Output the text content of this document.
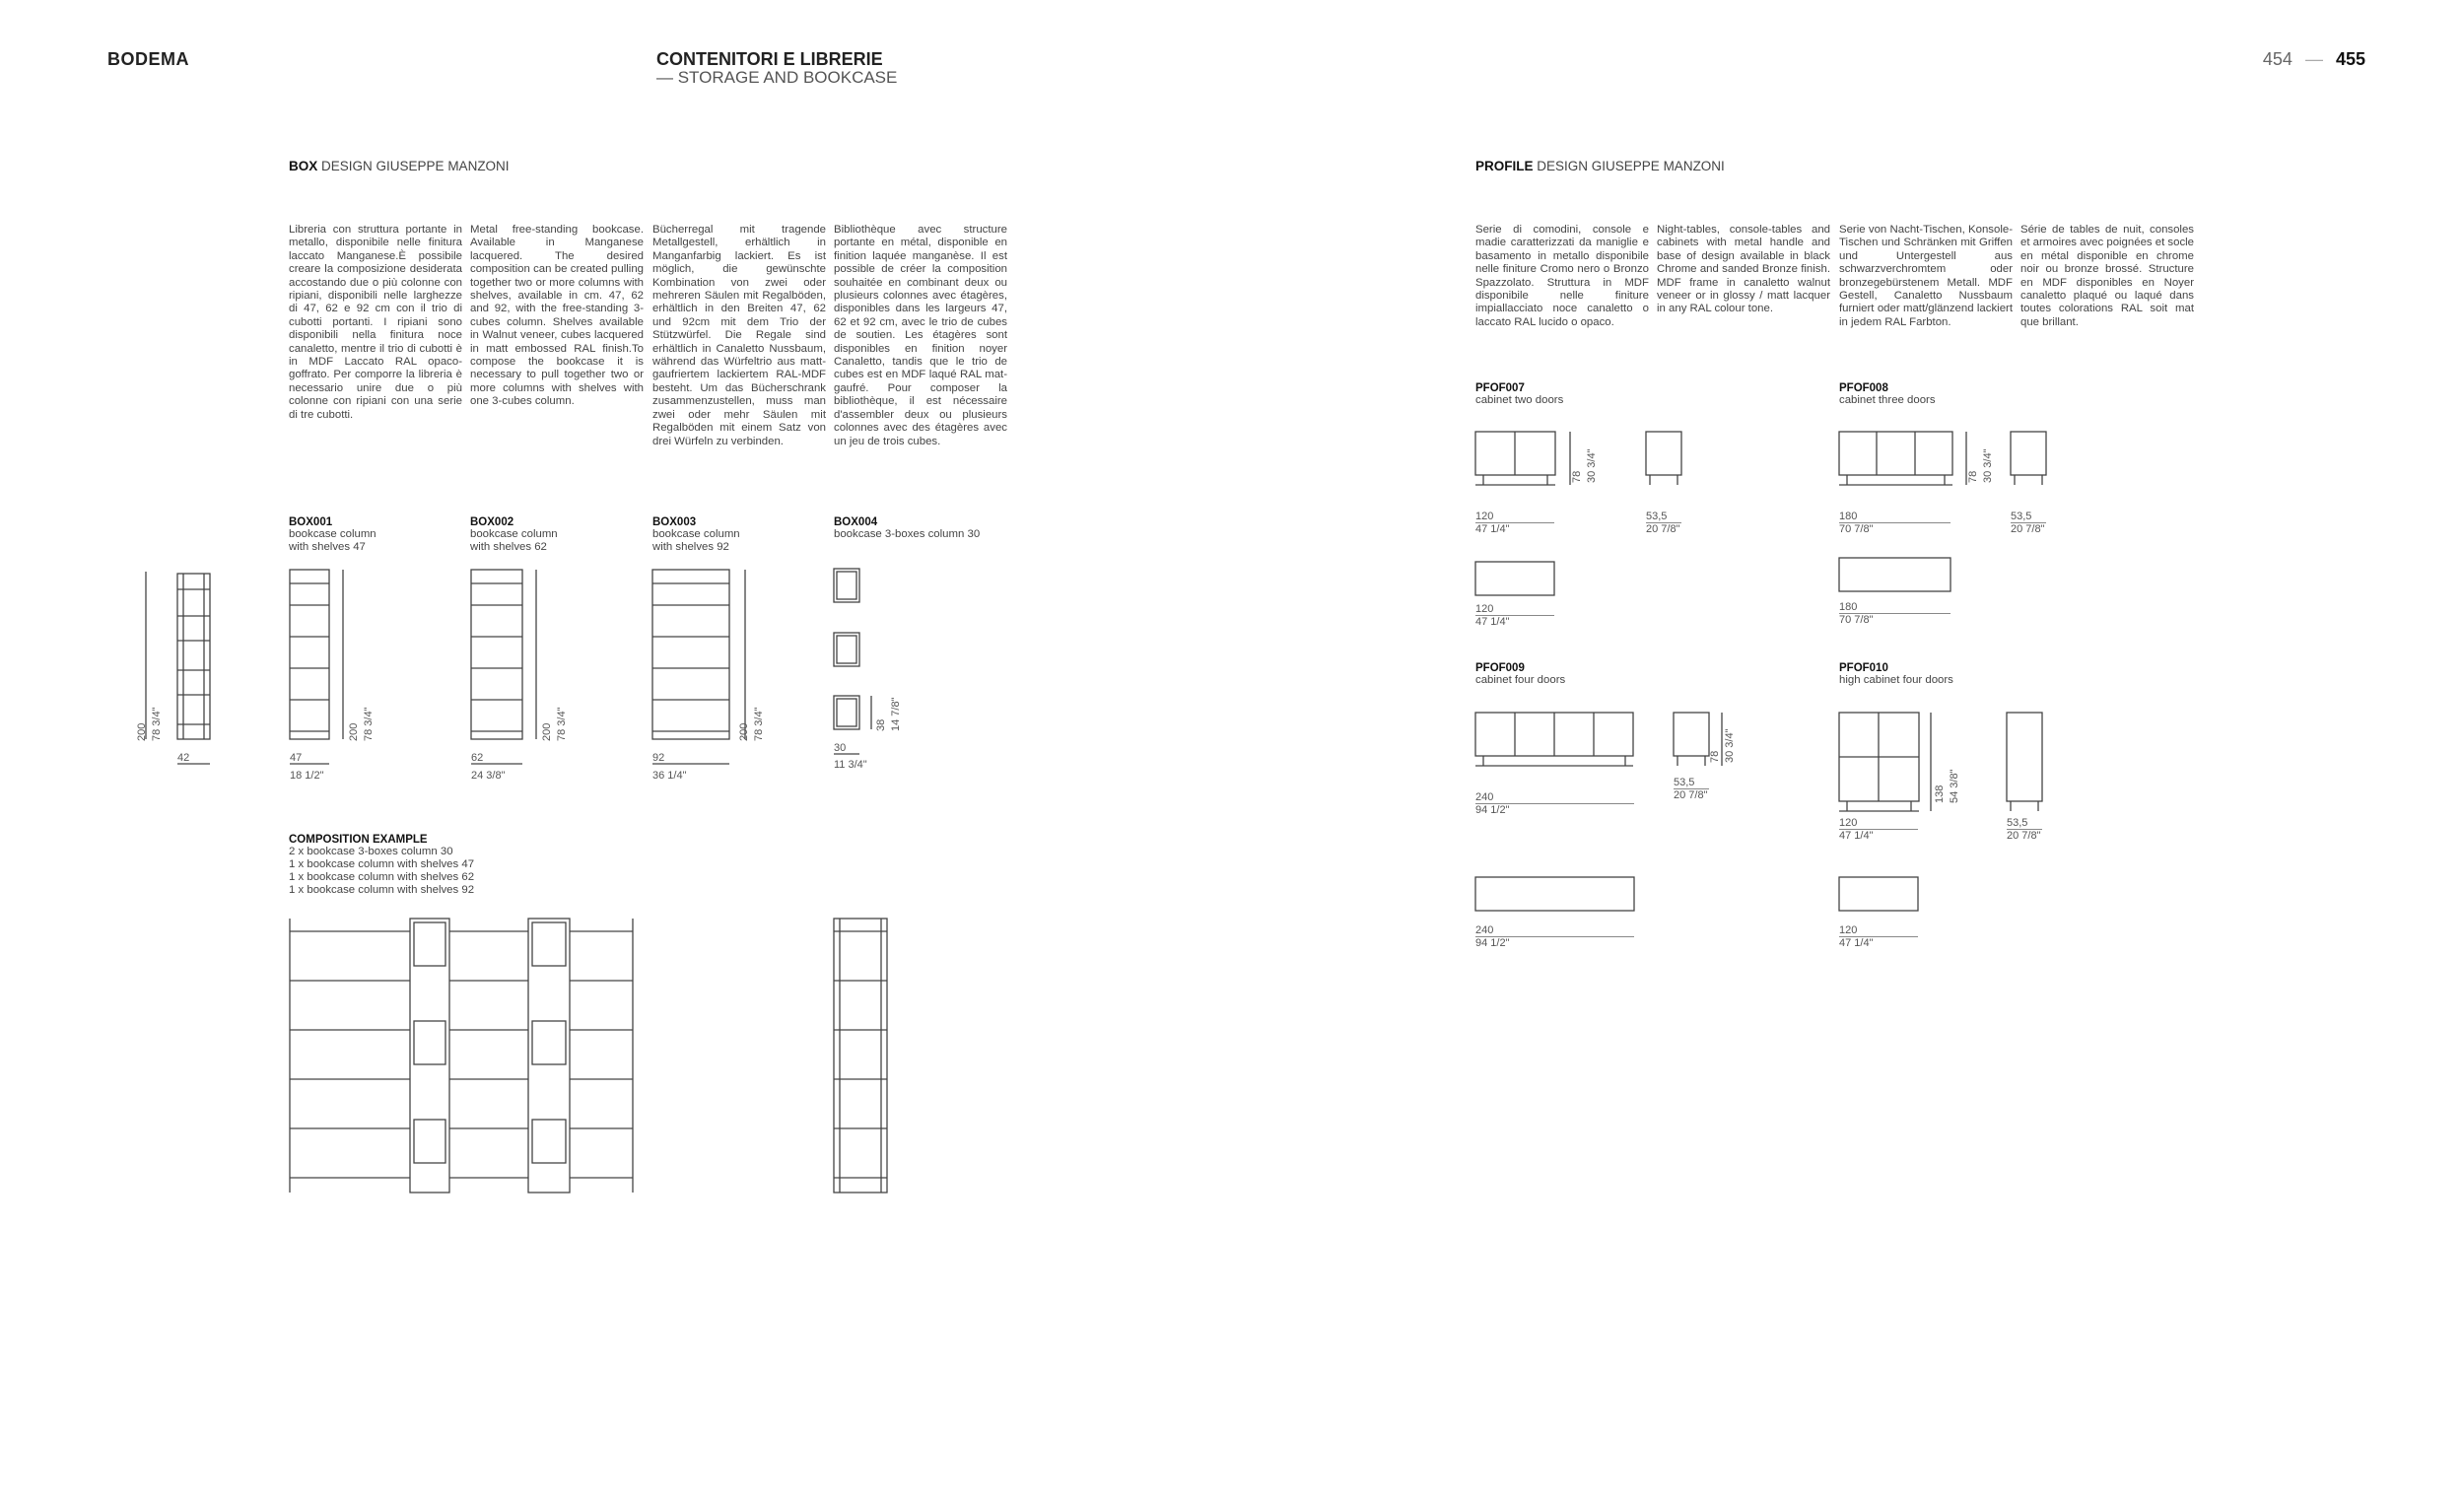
BODEMA	CONTENITORI E LIBRERIE
— STORAGE AND BOOKCASE
454 — 455
BOX DESIGN GIUSEPPE MANZONI
Libreria con struttura portante in metallo, disponibile nelle finitura laccato Manganese.È possibile creare la composizione desiderata accostando due o più colonne con ripiani, disponibili nelle larghezze di 47, 62 e 92 cm con il trio di cubotti portanti. I ripiani sono disponibili nella finitura noce canaletto, mentre il trio di cubotti è in MDF Laccato RAL opaco-goffrato. Per comporre la libreria è necessario unire due o più colonne con ripiani con una serie di tre cubotti.
Metal free-standing bookcase. Available in Manganese lacquered. The desired composition can be created pulling together two or more columns with shelves, available in cm. 47, 62 and 92, with the free-standing 3-cubes column. Shelves available in Walnut veneer, cubes lacquered in matt embossed RAL finish.To compose the bookcase it is necessary to pull together two or more columns with shelves with one 3-cubes column.
Bücherregal mit tragende Metallgestell, erhältlich in Manganfarbig lackiert. Es ist möglich, die gewünschte Kombination von zwei oder mehreren Säulen mit Regalböden, erhältlich in den Breiten 47, 62 und 92cm mit dem Trio der Stützwürfel. Die Regale sind erhältlich in Canaletto Nussbaum, während das Würfeltrio aus matt-gaufriertem lackiertem RAL-MDF besteht. Um das Bücherschrank zusammenzustellen, muss man zwei oder mehr Säulen mit Regalböden mit einem Satz von drei Würfeln zu verbinden.
Bibliothèque avec structure portante en métal, disponible en finition laquée manganèse. Il est possible de créer la composition souhaitée en combinant deux ou plusieurs colonnes avec étagères, disponibles dans les largeurs 47, 62 et 92 cm, avec le trio de cubes de soutien. Les étagères sont disponibles en finition noyer Canaletto, tandis que le trio de cubes est en MDF laqué RAL mat-gaufré. Pour composer la bibliothèque, il est nécessaire d'assembler deux ou plusieurs colonnes avec des étagères avec un jeu de trois cubes.
BOX001
bookcase column
with shelves 47
BOX002
bookcase column
with shelves 62
BOX003
bookcase column
with shelves 92
BOX004
bookcase 3-boxes column 30
200 78 3/4"
42	47
18 1/2"
200 78 3/4"
62
24 3/8"
200 78 3/4"
92
36 1/4"
200 78 3/4"
30
11 3/4"
38 14 7/8"
COMPOSITION EXAMPLE
2 x bookcase 3-boxes column 30
1 x bookcase column with shelves 47
1 x bookcase column with shelves 62
1 x bookcase column with shelves 92
PROFILE DESIGN GIUSEPPE MANZONI
Serie di comodini, console e madie caratterizzati da maniglie e basamento in metallo disponibile nelle finiture Cromo nero o Bronzo Spazzolato. Struttura in MDF disponibile nelle finiture impiallacciato noce canaletto o laccato RAL lucido o opaco.
Night-tables, console-tables and cabinets with metal handle and base of design available in black Chrome and sanded Bronze finish. MDF frame in canaletto walnut veneer or in glossy / matt lacquer in any RAL colour tone.
Serie von Nacht-Tischen, Konsole-Tischen und Schränken mit Griffen und Untergestell aus schwarzverchromtem oder bronzegebürstenem Metall. MDF Gestell, Canaletto Nussbaum furniert oder matt/glänzend lackiert in jedem RAL Farbton.
Série de tables de nuit, consoles et armoires avec poignées et socle en métal disponible en chrome noir ou bronze brossé. Structure en MDF disponibles en Noyer canaletto plaqué ou laqué dans toutes colorations RAL soit mat que brillant.
PFOF007
cabinet two doors
78 30 3/4"
120
47 1/4"
53,5
20 7/8"
120
47 1/4"
PFOF008
cabinet three doors
78 30 3/4"
180
70 7/8"
53,5
20 7/8"
180
70 7/8"
PFOF009
cabinet four doors
78 30 3/4"
240
94 1/2"
53,5
20 7/8"
240
94 1/2"
PFOF010
high cabinet four doors
138 54 3/8"
120
47 1/4"
53,5
20 7/8"
120
47 1/4"
